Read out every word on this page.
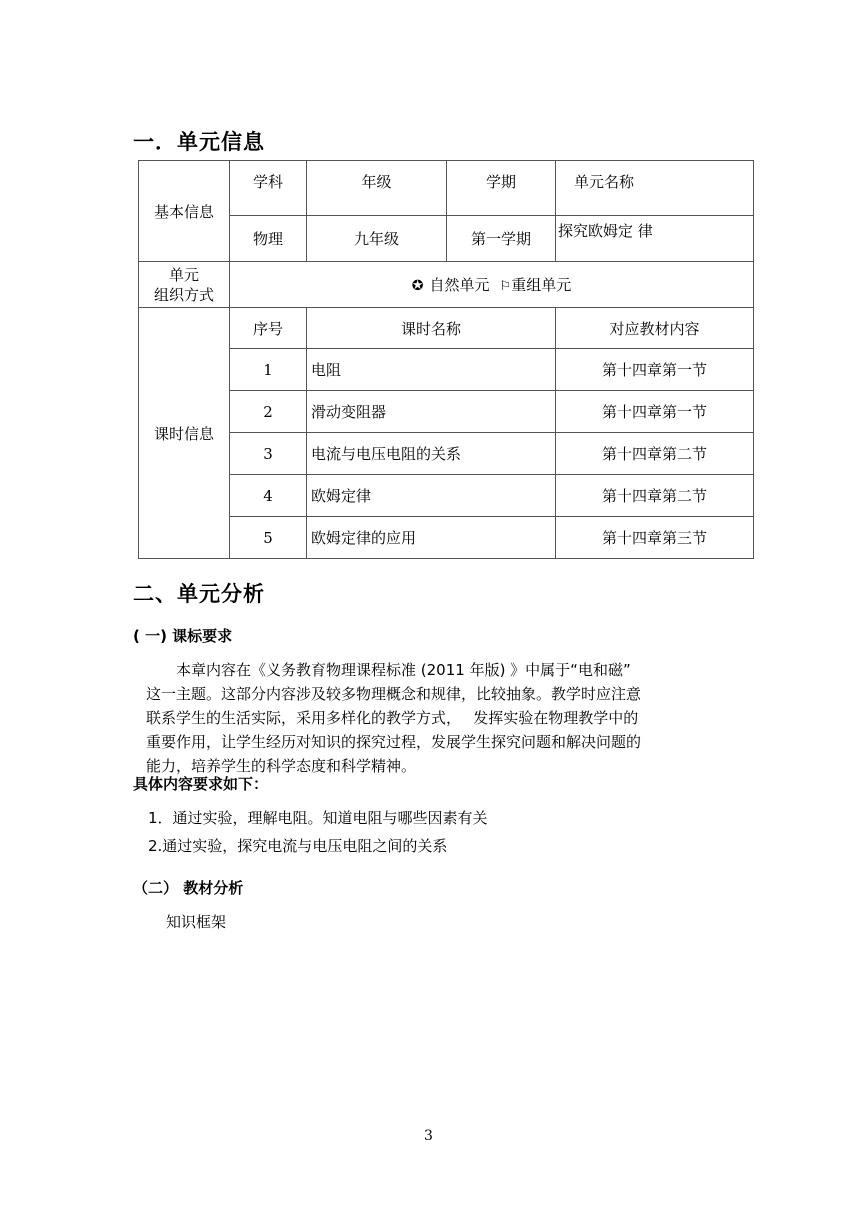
一．单元信息
基本信息	学科	年级	学期	单元名称
	物理	九年级	第一学期	探究欧姆定 律

单元
组织方式	✪ 自然单元 ⚐重组单元			
课时信息	序号	课时名称		对应教材内容
	1	电阻		第十四章第一节
	2	滑动变阻器		第十四章第一节
	3	电流与电压电阻的关系		第十四章第二节
	4	欧姆定律		第十四章第二节
	5	欧姆定律的应用		第十四章第三节
二、单元分析
( 一) 课标要求
本章内容在《义务教育物理课程标准 (2011 年版) 》中属于“电和磁”
这一主题。这部分内容涉及较多物理概念和规律，比较抽象。教学时应注意
联系学生的生活实际，采用多样化的教学方式，　 发挥实验在物理教学中的
重要作用，让学生经历对知识的探究过程，发展学生探究问题和解决问题的
能力，培养学生的科学态度和科学精神。
具体内容要求如下：
1．通过实验，理解电阻。知道电阻与哪些因素有关
2.通过实验，探究电流与电压电阻之间的关系
（二） 教材分析
知识框架
3
